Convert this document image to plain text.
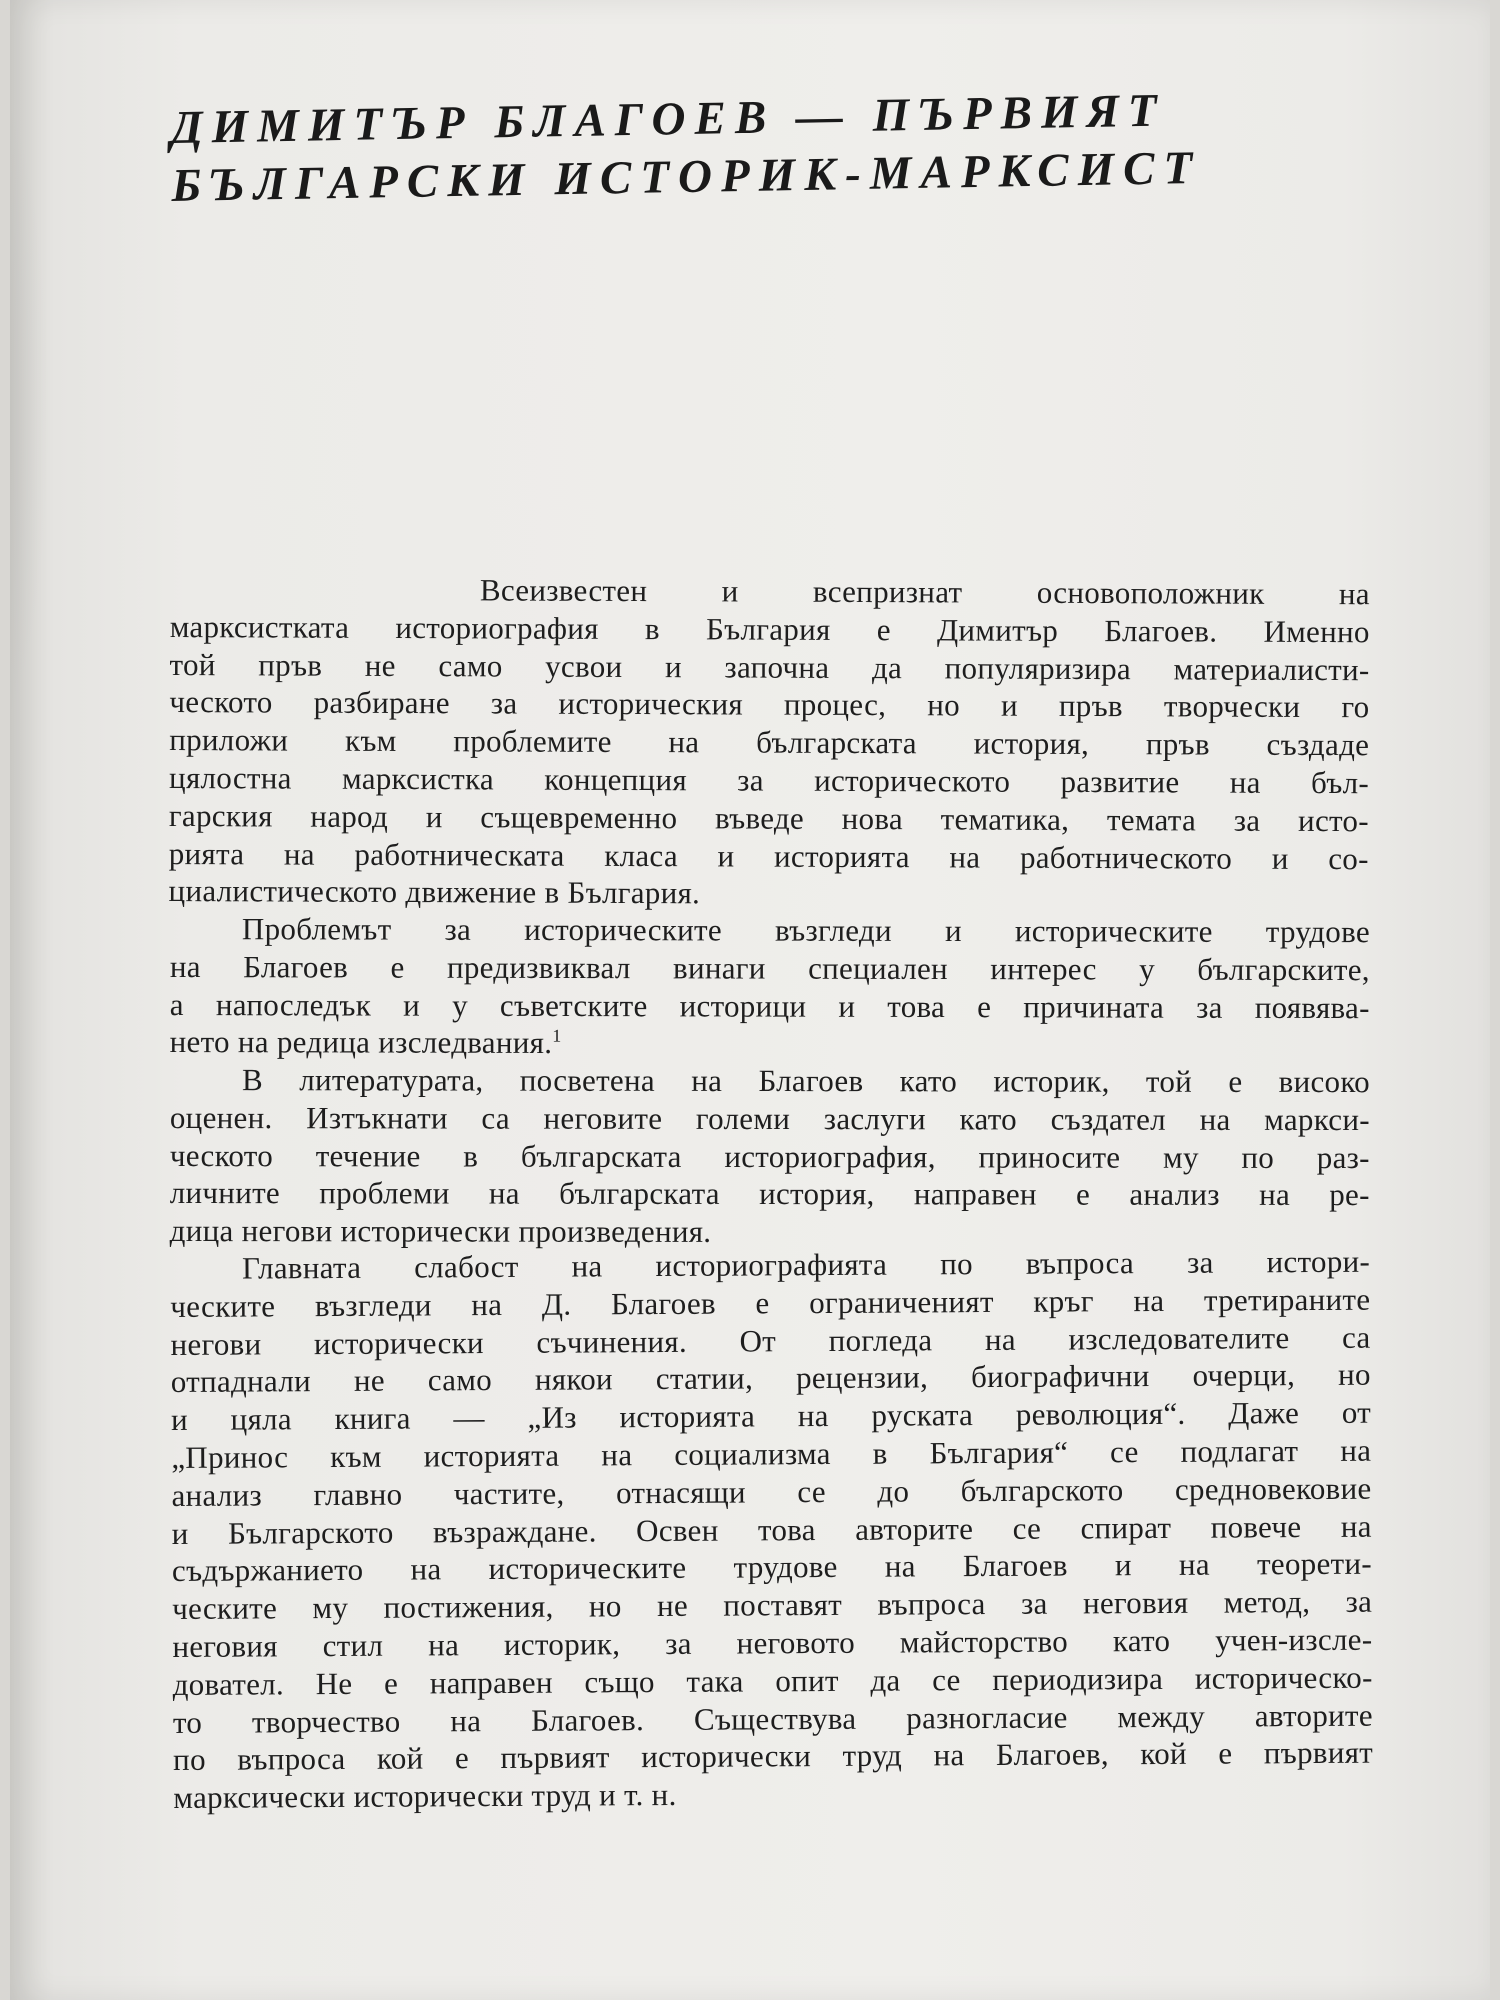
ДИМИТЪР БЛАГОЕВ — ПЪРВИЯТ
БЪЛГАРСКИ ИСТОРИК-МАРКСИСТ
Всеизвестен и всепризнат основоположник на
марксистката историография в България е Димитър Благоев. Именно
той пръв не само усвои и започна да популяризира материалисти-
ческото разбиране за историческия процес, но и пръв творчески го
приложи към проблемите на българската история, пръв създаде
цялостна марксистка концепция за историческото развитие на бъл-
гарския народ и същевременно въведе нова тематика, темата за исто-
рията на работническата класа и историята на работническото и со-
циалистическото движение в България.
Проблемът за историческите възгледи и историческите трудове
на Благоев е предизвиквал винаги специален интерес у българските,
а напоследък и у съветските историци и това е причината за появява-
нето на редица изследвания.$^1$
В литературата, посветена на Благоев като историк, той е високо
оценен. Изтъкнати са неговите големи заслуги като създател на маркси-
ческото течение в българската историография, приносите му по раз-
личните проблеми на българската история, направен е анализ на ре-
дица негови исторически произведения.
Главната слабост на историографията по въпроса за истори-
ческите възгледи на Д. Благоев е ограниченият кръг на третираните
негови исторически съчинения. От погледа на изследователите са
отпаднали не само някои статии, рецензии, биографични очерци, но
и цяла книга — „Из историята на руската революция“. Даже от
„Принос към историята на социализма в България“ се подлагат на
анализ главно частите, отнасящи се до българското средновековие
и Българското възраждане. Освен това авторите се спират повече на
съдържанието на историческите трудове на Благоев и на теорети-
ческите му постижения, но не поставят въпроса за неговия метод, за
неговия стил на историк, за неговото майсторство като учен-изсле-
довател. Не е направен също така опит да се периодизира историческо-
то творчество на Благоев. Съществува разногласие между авторите
по въпроса кой е първият исторически труд на Благоев, кой е първият
марксически исторически труд и т. н.
